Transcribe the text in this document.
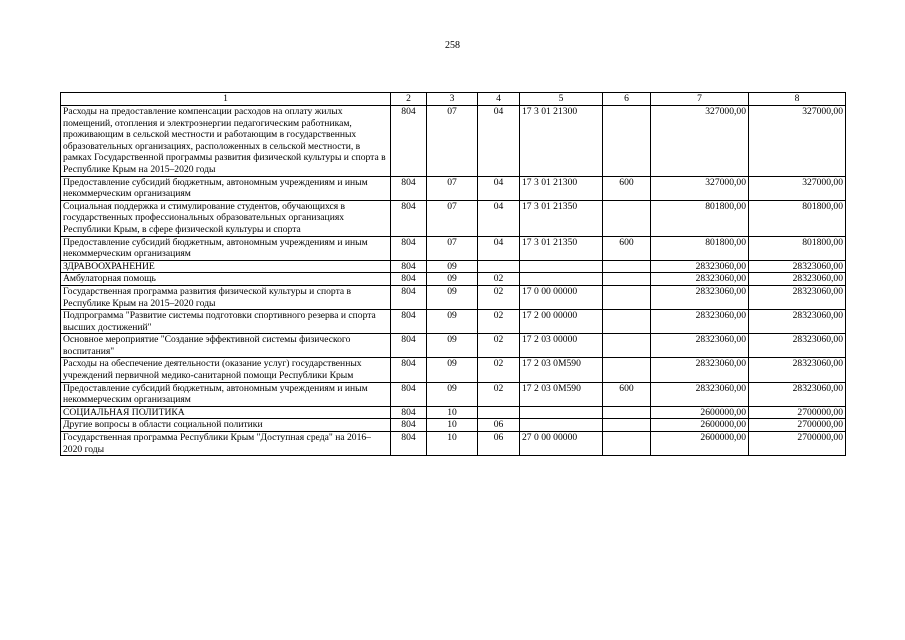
258
1	2	3	4	5	6	7	8
Расходы на предоставление компенсации расходов на оплату жилых помещений, отопления и электроэнергии педагогическим работникам, проживающим в сельской местности и работающим в государственных образовательных организациях, расположенных в сельской местности, в рамках Государственной программы развития физической культуры и спорта в Республике Крым на 2015–2020 годы	804	07	04	17 3 01 21300		327000,00	327000,00
Предоставление субсидий бюджетным, автономным учреждениям и иным некоммерческим организациям	804	07	04	17 3 01 21300	600	327000,00	327000,00
Социальная поддержка и стимулирование студентов, обучающихся в государственных профессиональных образовательных организациях Республики Крым, в сфере физической культуры и спорта	804	07	04	17 3 01 21350		801800,00	801800,00
Предоставление субсидий бюджетным, автономным учреждениям и иным некоммерческим организациям	804	07	04	17 3 01 21350	600	801800,00	801800,00
ЗДРАВООХРАНЕНИЕ	804	09				28323060,00	28323060,00
Амбулаторная помощь	804	09	02			28323060,00	28323060,00
Государственная программа развития физической культуры и спорта в Республике Крым на 2015–2020 годы	804	09	02	17 0 00 00000		28323060,00	28323060,00
Подпрограмма "Развитие системы подготовки спортивного резерва и спорта высших достижений"	804	09	02	17 2 00 00000		28323060,00	28323060,00
Основное мероприятие "Создание эффективной системы физического воспитания"	804	09	02	17 2 03 00000		28323060,00	28323060,00
Расходы на обеспечение деятельности (оказание услуг) государственных учреждений первичной медико-санитарной помощи Республики Крым	804	09	02	17 2 03 0М590		28323060,00	28323060,00
Предоставление субсидий бюджетным, автономным учреждениям и иным некоммерческим организациям	804	09	02	17 2 03 0М590	600	28323060,00	28323060,00
СОЦИАЛЬНАЯ ПОЛИТИКА	804	10				2600000,00	2700000,00
Другие вопросы в области социальной политики	804	10	06			2600000,00	2700000,00
Государственная программа Республики Крым "Доступная среда" на 2016–2020 годы	804	10	06	27 0 00 00000		2600000,00	2700000,00
